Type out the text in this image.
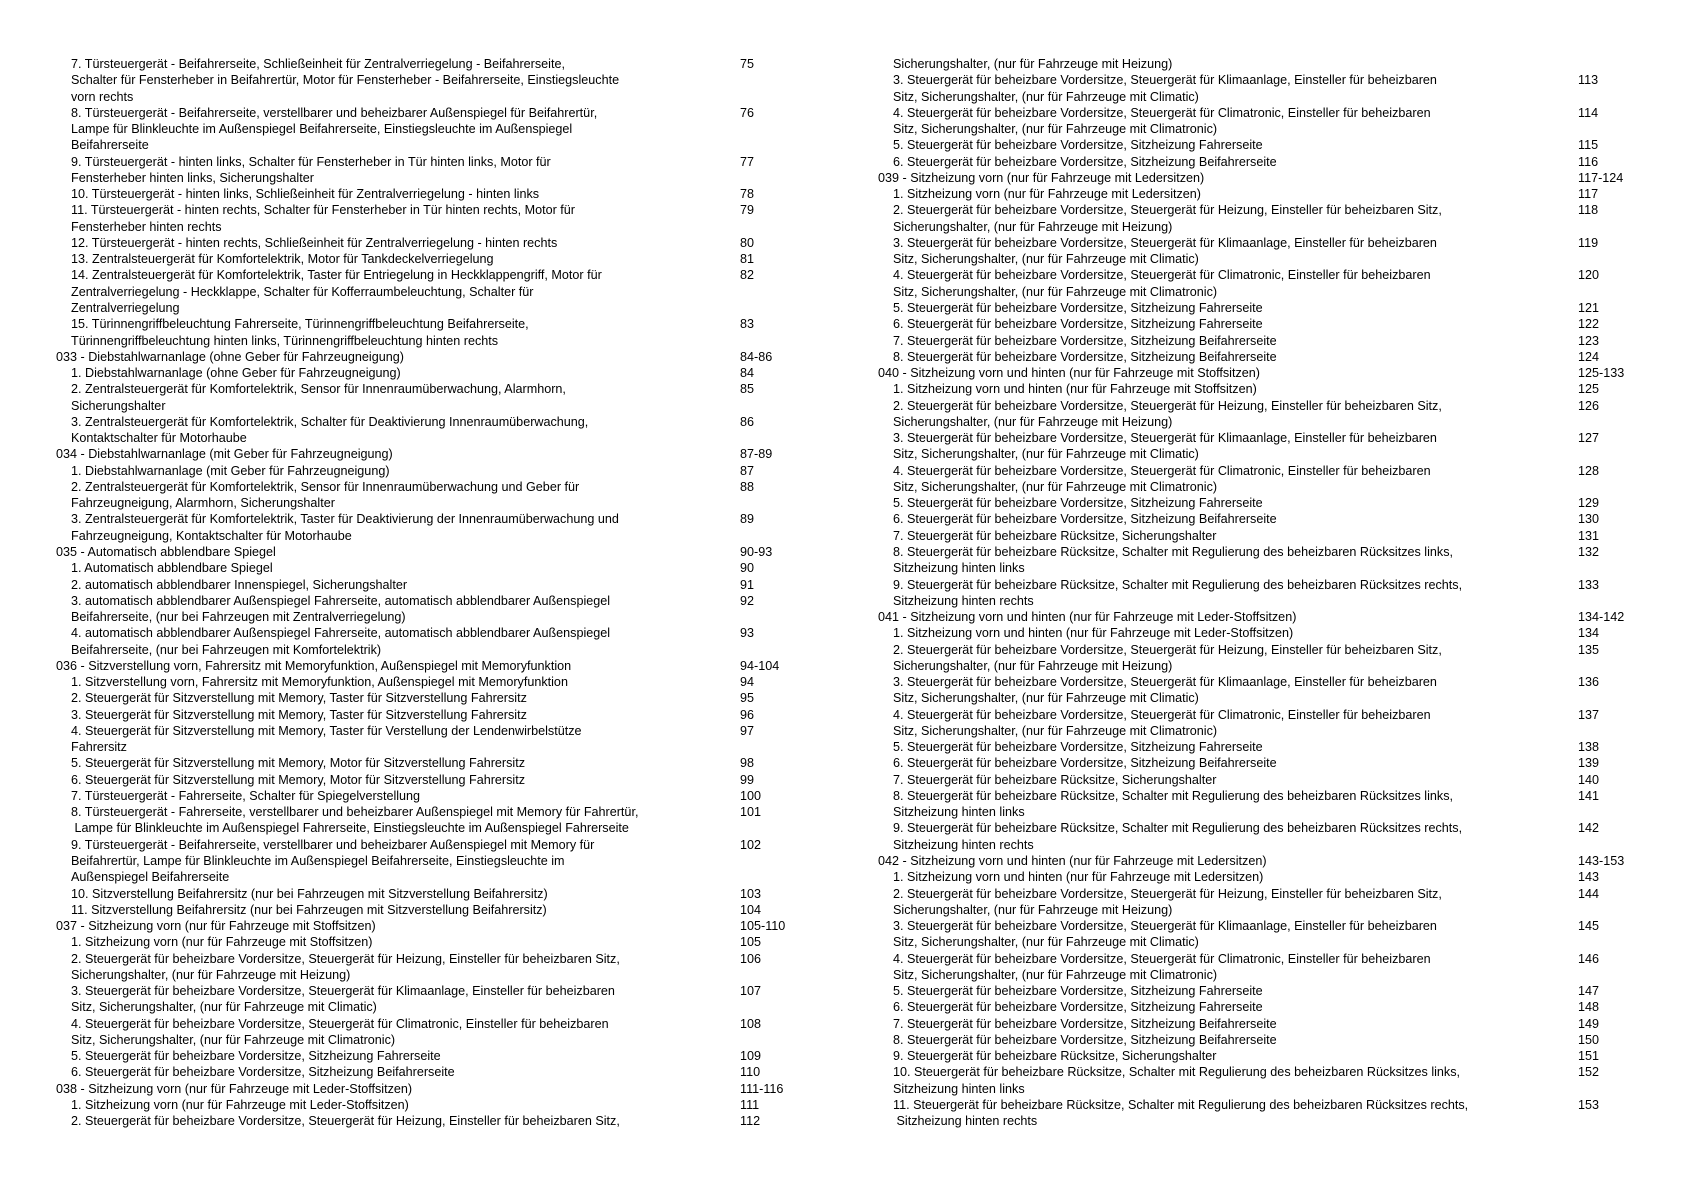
7. Türsteuergerät - Beifahrerseite, Schließeinheit für Zentralverriegelung - Beifahrerseite,	75
Schalter für Fensterheber in Beifahrertür, Motor für Fensterheber - Beifahrerseite, Einstiegsleuchte
vorn rechts
8. Türsteuergerät - Beifahrerseite, verstellbarer und beheizbarer Außenspiegel für Beifahrertür,	76
Lampe für Blinkleuchte im Außenspiegel Beifahrerseite, Einstiegsleuchte im Außenspiegel
Beifahrerseite
9. Türsteuergerät - hinten links, Schalter für Fensterheber in Tür hinten links, Motor für	77
Fensterheber hinten links, Sicherungshalter
10. Türsteuergerät - hinten links, Schließeinheit für Zentralverriegelung - hinten links	78
11. Türsteuergerät - hinten rechts, Schalter für Fensterheber in Tür hinten rechts, Motor für	79
Fensterheber hinten rechts
12. Türsteuergerät - hinten rechts, Schließeinheit für Zentralverriegelung - hinten rechts	80
13. Zentralsteuergerät für Komfortelektrik, Motor für Tankdeckelverriegelung	81
14. Zentralsteuergerät für Komfortelektrik, Taster für Entriegelung in Heckklappengriff, Motor für	82
Zentralverriegelung - Heckklappe, Schalter für Kofferraumbeleuchtung, Schalter für
Zentralverriegelung
15. Türinnengriffbeleuchtung Fahrerseite, Türinnengriffbeleuchtung Beifahrerseite,	83
Türinnengriffbeleuchtung hinten links, Türinnengriffbeleuchtung hinten rechts
033 - Diebstahlwarnanlage (ohne Geber für Fahrzeugneigung)	84-86
1. Diebstahlwarnanlage (ohne Geber für Fahrzeugneigung)	84
2. Zentralsteuergerät für Komfortelektrik, Sensor für Innenraumüberwachung, Alarmhorn,	85
Sicherungshalter
3. Zentralsteuergerät für Komfortelektrik, Schalter für Deaktivierung Innenraumüberwachung,	86
Kontaktschalter für Motorhaube
034 - Diebstahlwarnanlage (mit Geber für Fahrzeugneigung)	87-89
1. Diebstahlwarnanlage (mit Geber für Fahrzeugneigung)	87
2. Zentralsteuergerät für Komfortelektrik, Sensor für Innenraumüberwachung und Geber für	88
Fahrzeugneigung, Alarmhorn, Sicherungshalter
3. Zentralsteuergerät für Komfortelektrik, Taster für Deaktivierung der Innenraumüberwachung und	89
Fahrzeugneigung, Kontaktschalter für Motorhaube
035 - Automatisch abblendbare Spiegel	90-93
1. Automatisch abblendbare Spiegel	90
2. automatisch abblendbarer Innenspiegel, Sicherungshalter	91
3. automatisch abblendbarer Außenspiegel Fahrerseite, automatisch abblendbarer Außenspiegel	92
Beifahrerseite, (nur bei Fahrzeugen mit Zentralverriegelung)
4. automatisch abblendbarer Außenspiegel Fahrerseite, automatisch abblendbarer Außenspiegel	93
Beifahrerseite, (nur bei Fahrzeugen mit Komfortelektrik)
036 - Sitzverstellung vorn, Fahrersitz mit Memoryfunktion, Außenspiegel mit Memoryfunktion	94-104
1. Sitzverstellung vorn, Fahrersitz mit Memoryfunktion, Außenspiegel mit Memoryfunktion	94
2. Steuergerät für Sitzverstellung mit Memory, Taster für Sitzverstellung Fahrersitz	95
3. Steuergerät für Sitzverstellung mit Memory, Taster für Sitzverstellung Fahrersitz	96
4. Steuergerät für Sitzverstellung mit Memory, Taster für Verstellung der Lendenwirbelstütze	97
Fahrersitz
5. Steuergerät für Sitzverstellung mit Memory, Motor für Sitzverstellung Fahrersitz	98
6. Steuergerät für Sitzverstellung mit Memory, Motor für Sitzverstellung Fahrersitz	99
7. Türsteuergerät - Fahrerseite, Schalter für Spiegelverstellung	100
8. Türsteuergerät - Fahrerseite, verstellbarer und beheizbarer Außenspiegel mit Memory für Fahrertür,	101
Lampe für Blinkleuchte im Außenspiegel Fahrerseite, Einstiegsleuchte im Außenspiegel Fahrerseite
9. Türsteuergerät - Beifahrerseite, verstellbarer und beheizbarer Außenspiegel mit Memory für	102
Beifahrertür, Lampe für Blinkleuchte im Außenspiegel Beifahrerseite, Einstiegsleuchte im
Außenspiegel Beifahrerseite
10. Sitzverstellung Beifahrersitz (nur bei Fahrzeugen mit Sitzverstellung Beifahrersitz)	103
11. Sitzverstellung Beifahrersitz (nur bei Fahrzeugen mit Sitzverstellung Beifahrersitz)	104
037 - Sitzheizung vorn (nur für Fahrzeuge mit Stoffsitzen)	105-110
1. Sitzheizung vorn (nur für Fahrzeuge mit Stoffsitzen)	105
2. Steuergerät für beheizbare Vordersitze, Steuergerät für Heizung, Einsteller für beheizbaren Sitz,	106
Sicherungshalter, (nur für Fahrzeuge mit Heizung)
3. Steuergerät für beheizbare Vordersitze, Steuergerät für Klimaanlage, Einsteller für beheizbaren	107
Sitz, Sicherungshalter, (nur für Fahrzeuge mit Climatic)
4. Steuergerät für beheizbare Vordersitze, Steuergerät für Climatronic, Einsteller für beheizbaren	108
Sitz, Sicherungshalter, (nur für Fahrzeuge mit Climatronic)
5. Steuergerät für beheizbare Vordersitze, Sitzheizung Fahrerseite	109
6. Steuergerät für beheizbare Vordersitze, Sitzheizung Beifahrerseite	110
038 - Sitzheizung vorn (nur für Fahrzeuge mit Leder-Stoffsitzen)	111-116
1. Sitzheizung vorn (nur für Fahrzeuge mit Leder-Stoffsitzen)	111
2. Steuergerät für beheizbare Vordersitze, Steuergerät für Heizung, Einsteller für beheizbaren Sitz,	112
Sicherungshalter, (nur für Fahrzeuge mit Heizung)
3. Steuergerät für beheizbare Vordersitze, Steuergerät für Klimaanlage, Einsteller für beheizbaren	113
Sitz, Sicherungshalter, (nur für Fahrzeuge mit Climatic)
4. Steuergerät für beheizbare Vordersitze, Steuergerät für Climatronic, Einsteller für beheizbaren	114
Sitz, Sicherungshalter, (nur für Fahrzeuge mit Climatronic)
5. Steuergerät für beheizbare Vordersitze, Sitzheizung Fahrerseite	115
6. Steuergerät für beheizbare Vordersitze, Sitzheizung Beifahrerseite	116
039 - Sitzheizung vorn (nur für Fahrzeuge mit Ledersitzen)	117-124
1. Sitzheizung vorn (nur für Fahrzeuge mit Ledersitzen)	117
2. Steuergerät für beheizbare Vordersitze, Steuergerät für Heizung, Einsteller für beheizbaren Sitz,	118
Sicherungshalter, (nur für Fahrzeuge mit Heizung)
3. Steuergerät für beheizbare Vordersitze, Steuergerät für Klimaanlage, Einsteller für beheizbaren	119
Sitz, Sicherungshalter, (nur für Fahrzeuge mit Climatic)
4. Steuergerät für beheizbare Vordersitze, Steuergerät für Climatronic, Einsteller für beheizbaren	120
Sitz, Sicherungshalter, (nur für Fahrzeuge mit Climatronic)
5. Steuergerät für beheizbare Vordersitze, Sitzheizung Fahrerseite	121
6. Steuergerät für beheizbare Vordersitze, Sitzheizung Fahrerseite	122
7. Steuergerät für beheizbare Vordersitze, Sitzheizung Beifahrerseite	123
8. Steuergerät für beheizbare Vordersitze, Sitzheizung Beifahrerseite	124
040 - Sitzheizung vorn und hinten (nur für Fahrzeuge mit Stoffsitzen)	125-133
1. Sitzheizung vorn und hinten (nur für Fahrzeuge mit Stoffsitzen)	125
2. Steuergerät für beheizbare Vordersitze, Steuergerät für Heizung, Einsteller für beheizbaren Sitz,	126
Sicherungshalter, (nur für Fahrzeuge mit Heizung)
3. Steuergerät für beheizbare Vordersitze, Steuergerät für Klimaanlage, Einsteller für beheizbaren	127
Sitz, Sicherungshalter, (nur für Fahrzeuge mit Climatic)
4. Steuergerät für beheizbare Vordersitze, Steuergerät für Climatronic, Einsteller für beheizbaren	128
Sitz, Sicherungshalter, (nur für Fahrzeuge mit Climatronic)
5. Steuergerät für beheizbare Vordersitze, Sitzheizung Fahrerseite	129
6. Steuergerät für beheizbare Vordersitze, Sitzheizung Beifahrerseite	130
7. Steuergerät für beheizbare Rücksitze, Sicherungshalter	131
8. Steuergerät für beheizbare Rücksitze, Schalter mit Regulierung des beheizbaren Rücksitzes links,	132
Sitzheizung hinten links
9. Steuergerät für beheizbare Rücksitze, Schalter mit Regulierung des beheizbaren Rücksitzes rechts,	133
Sitzheizung hinten rechts
041 - Sitzheizung vorn und hinten (nur für Fahrzeuge mit Leder-Stoffsitzen)	134-142
1. Sitzheizung vorn und hinten (nur für Fahrzeuge mit Leder-Stoffsitzen)	134
2. Steuergerät für beheizbare Vordersitze, Steuergerät für Heizung, Einsteller für beheizbaren Sitz,	135
Sicherungshalter, (nur für Fahrzeuge mit Heizung)
3. Steuergerät für beheizbare Vordersitze, Steuergerät für Klimaanlage, Einsteller für beheizbaren	136
Sitz, Sicherungshalter, (nur für Fahrzeuge mit Climatic)
4. Steuergerät für beheizbare Vordersitze, Steuergerät für Climatronic, Einsteller für beheizbaren	137
Sitz, Sicherungshalter, (nur für Fahrzeuge mit Climatronic)
5. Steuergerät für beheizbare Vordersitze, Sitzheizung Fahrerseite	138
6. Steuergerät für beheizbare Vordersitze, Sitzheizung Beifahrerseite	139
7. Steuergerät für beheizbare Rücksitze, Sicherungshalter	140
8. Steuergerät für beheizbare Rücksitze, Schalter mit Regulierung des beheizbaren Rücksitzes links,	141
Sitzheizung hinten links
9. Steuergerät für beheizbare Rücksitze, Schalter mit Regulierung des beheizbaren Rücksitzes rechts,	142
Sitzheizung hinten rechts
042 - Sitzheizung vorn und hinten (nur für Fahrzeuge mit Ledersitzen)	143-153
1. Sitzheizung vorn und hinten (nur für Fahrzeuge mit Ledersitzen)	143
2. Steuergerät für beheizbare Vordersitze, Steuergerät für Heizung, Einsteller für beheizbaren Sitz,	144
Sicherungshalter, (nur für Fahrzeuge mit Heizung)
3. Steuergerät für beheizbare Vordersitze, Steuergerät für Klimaanlage, Einsteller für beheizbaren	145
Sitz, Sicherungshalter, (nur für Fahrzeuge mit Climatic)
4. Steuergerät für beheizbare Vordersitze, Steuergerät für Climatronic, Einsteller für beheizbaren	146
Sitz, Sicherungshalter, (nur für Fahrzeuge mit Climatronic)
5. Steuergerät für beheizbare Vordersitze, Sitzheizung Fahrerseite	147
6. Steuergerät für beheizbare Vordersitze, Sitzheizung Fahrerseite	148
7. Steuergerät für beheizbare Vordersitze, Sitzheizung Beifahrerseite	149
8. Steuergerät für beheizbare Vordersitze, Sitzheizung Beifahrerseite	150
9. Steuergerät für beheizbare Rücksitze, Sicherungshalter	151
10. Steuergerät für beheizbare Rücksitze, Schalter mit Regulierung des beheizbaren Rücksitzes links,	152
Sitzheizung hinten links
11. Steuergerät für beheizbare Rücksitze, Schalter mit Regulierung des beheizbaren Rücksitzes rechts,	153
Sitzheizung hinten rechts
